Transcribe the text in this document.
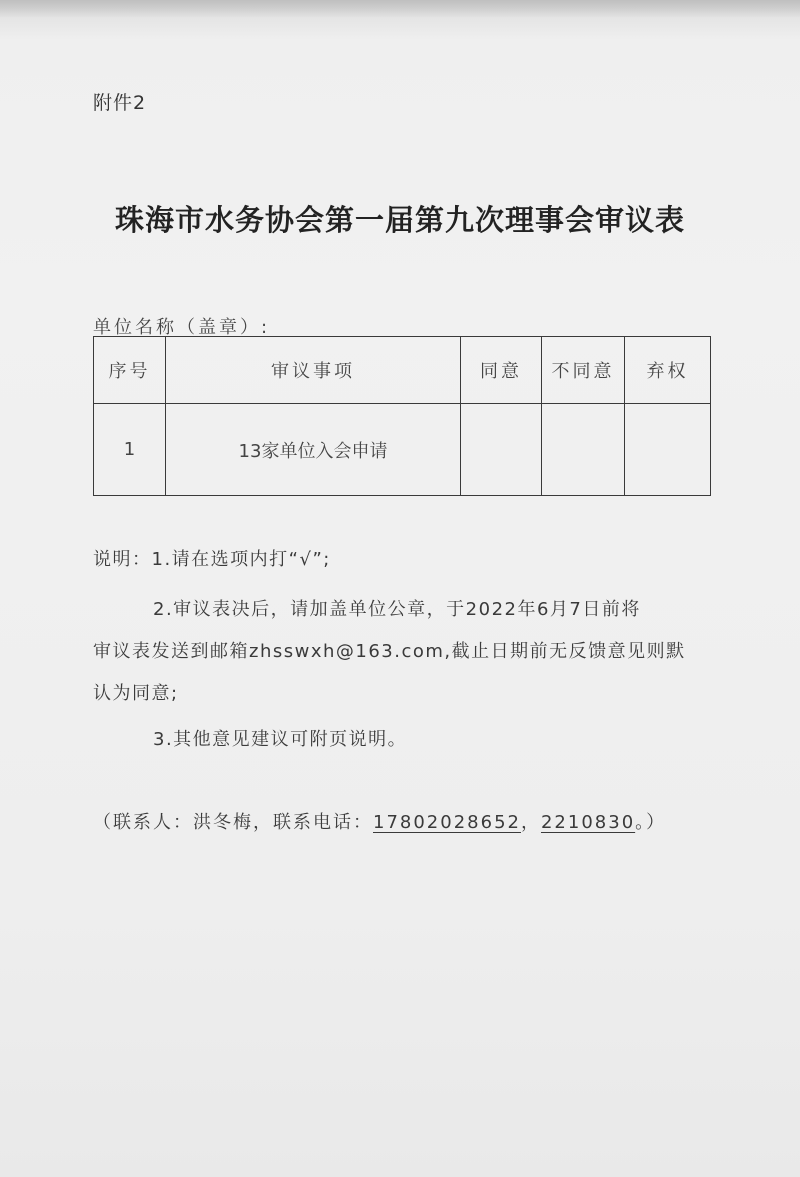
附件2
珠海市水务协会第一届第九次理事会审议表
单位名称（盖章）:
序号	审议事项	同意	不同意	弃权
1	13家单位入会申请			
说明：1.请在选项内打“√”;
2.审议表决后，请加盖单位公章，于2022年6月7日前将
审议表发送到邮箱zhsswxh@163.com,截止日期前无反馈意见则默
认为同意;
3.其他意见建议可附页说明。
（联系人：洪冬梅，联系电话：17802028652，2210830。）
